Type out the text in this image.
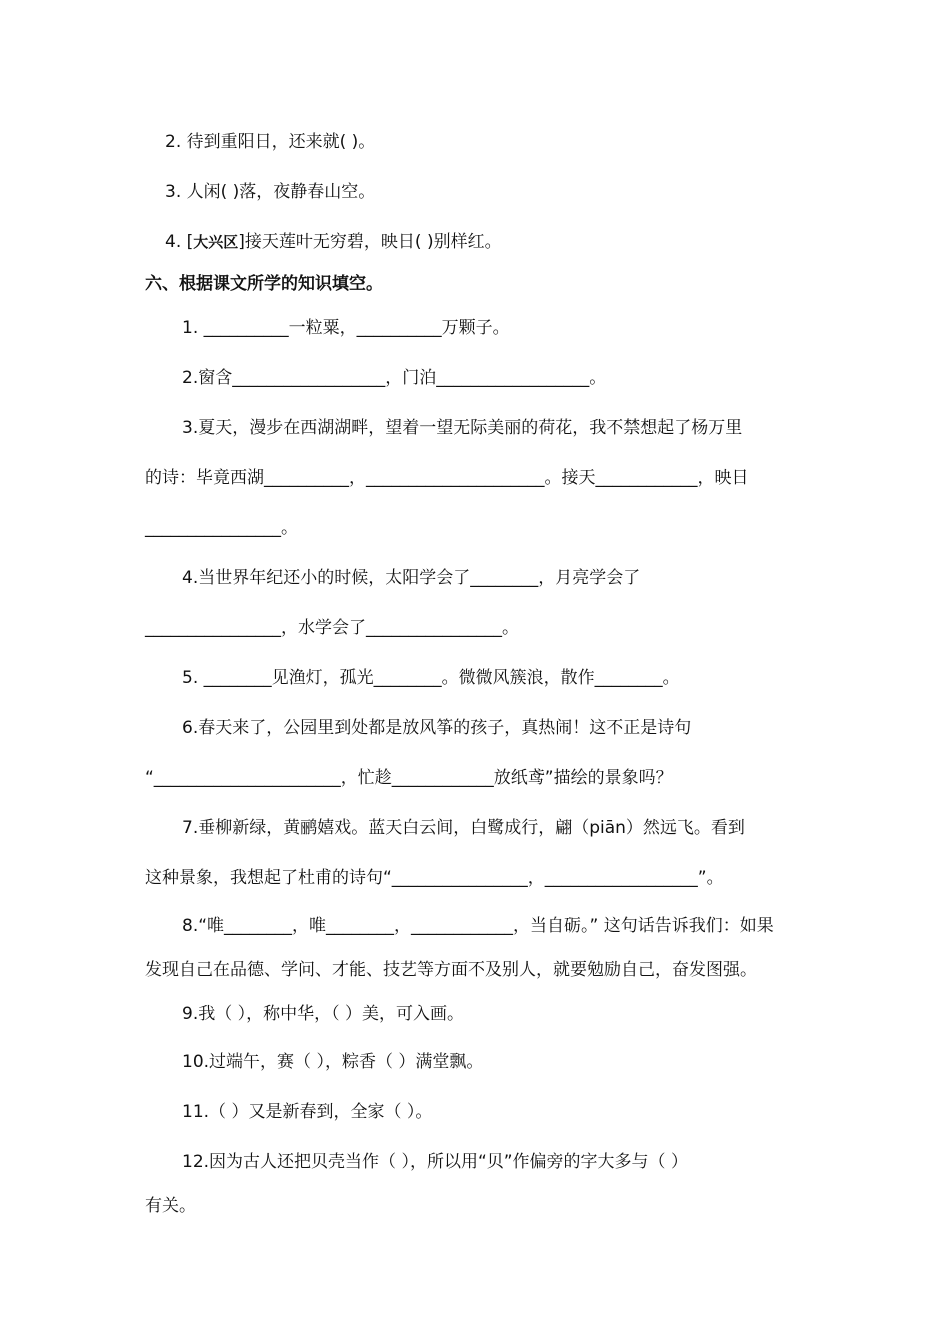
2. 待到重阳日，还来就( )。
3. 人闲( )落，夜静春山空。
4. [大兴区]接天莲叶无穷碧，映日( )别样红。
六、根据课文所学的知识填空。
1. __________一粒粟，__________万颗子。
2.窗含__________________，门泊__________________。
3.夏天，漫步在西湖湖畔，望着一望无际美丽的荷花，我不禁想起了杨万里
的诗：毕竟西湖__________，_____________________。接天____________，映日
________________。
4.当世界年纪还小的时候，太阳学会了________，月亮学会了
________________，水学会了________________。
5. ________见渔灯，孤光________。微微风簇浪，散作________。
6.春天来了，公园里到处都是放风筝的孩子，真热闹！这不正是诗句
“______________________，忙趁____________放纸鸢”描绘的景象吗？
7.垂柳新绿，黄鹂嬉戏。蓝天白云间，白鹭成行，翩（piān）然远飞。看到
这种景象，我想起了杜甫的诗句“________________，__________________”。
8.“唯________，唯________，____________，当自砺。” 这句话告诉我们：如果
发现自己在品德、学问、才能、技艺等方面不及别人，就要勉励自己，奋发图强。
9.我（ ），称中华，（ ）美，可入画。
10.过端午，赛（ ），粽香（ ）满堂飘。
11.（ ）又是新春到，全家（ ）。
12.因为古人还把贝壳当作（ ），所以用“贝”作偏旁的字大多与（ ）
有关。
